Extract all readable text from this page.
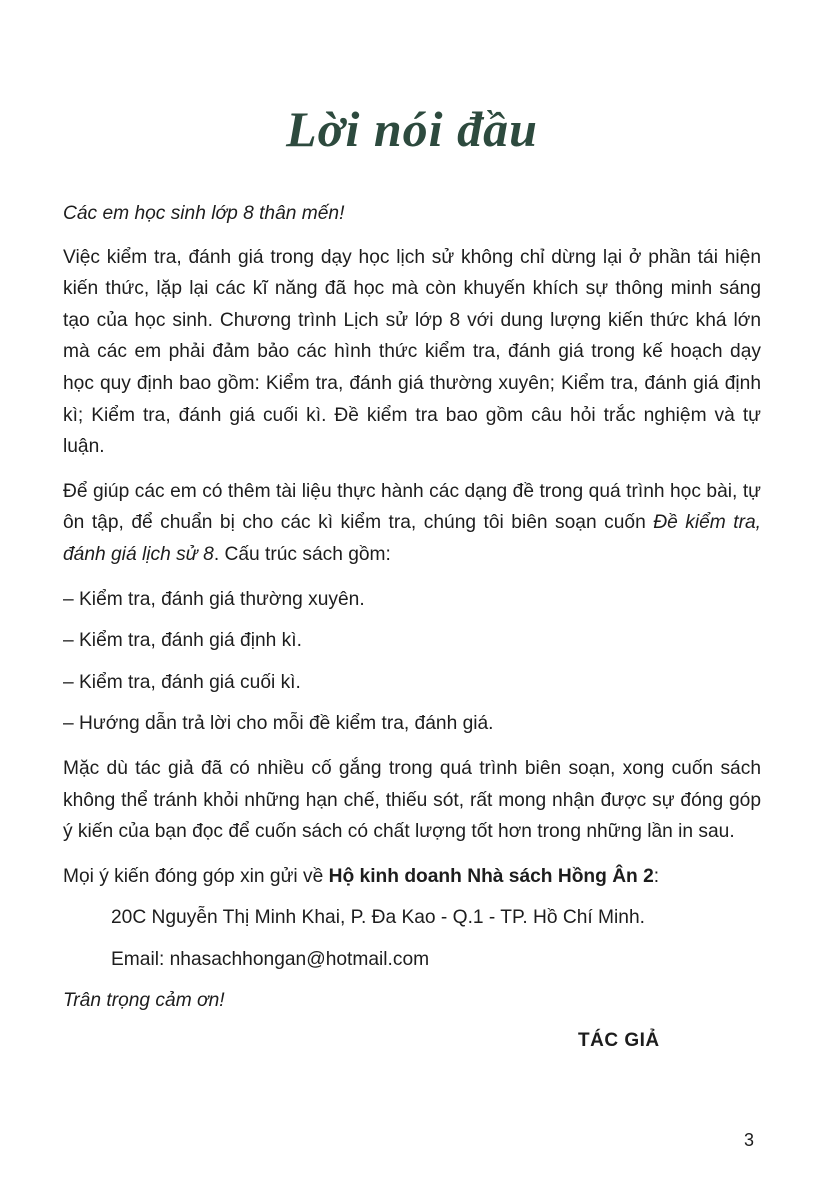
Lời nói đầu

Các em học sinh lớp 8 thân mến!

Việc kiểm tra, đánh giá trong dạy học lịch sử không chỉ dừng lại ở phần tái hiện kiến thức, lặp lại các kĩ năng đã học mà còn khuyến khích sự thông minh sáng tạo của học sinh. Chương trình Lịch sử lớp 8 với dung lượng kiến thức khá lớn mà các em phải đảm bảo các hình thức kiểm tra, đánh giá trong kế hoạch dạy học quy định bao gồm: Kiểm tra, đánh giá thường xuyên; Kiểm tra, đánh giá định kì; Kiểm tra, đánh giá cuối kì. Đề kiểm tra bao gồm câu hỏi trắc nghiệm và tự luận.

Để giúp các em có thêm tài liệu thực hành các dạng đề trong quá trình học bài, tự ôn tập, để chuẩn bị cho các kì kiểm tra, chúng tôi biên soạn cuốn Đề kiểm tra, đánh giá lịch sử 8. Cấu trúc sách gồm:

– Kiểm tra, đánh giá thường xuyên.

– Kiểm tra, đánh giá định kì.

– Kiểm tra, đánh giá cuối kì.

– Hướng dẫn trả lời cho mỗi đề kiểm tra, đánh giá.

Mặc dù tác giả đã có nhiều cố gắng trong quá trình biên soạn, xong cuốn sách không thể tránh khỏi những hạn chế, thiếu sót, rất mong nhận được sự đóng góp ý kiến của bạn đọc để cuốn sách có chất lượng tốt hơn trong những lần in sau.

Mọi ý kiến đóng góp xin gửi về Hộ kinh doanh Nhà sách Hồng Ân 2:

20C Nguyễn Thị Minh Khai, P. Đa Kao - Q.1 - TP. Hồ Chí Minh.

Email: nhasachhongan@hotmail.com

Trân trọng cảm ơn!

TÁC GIẢ
3
